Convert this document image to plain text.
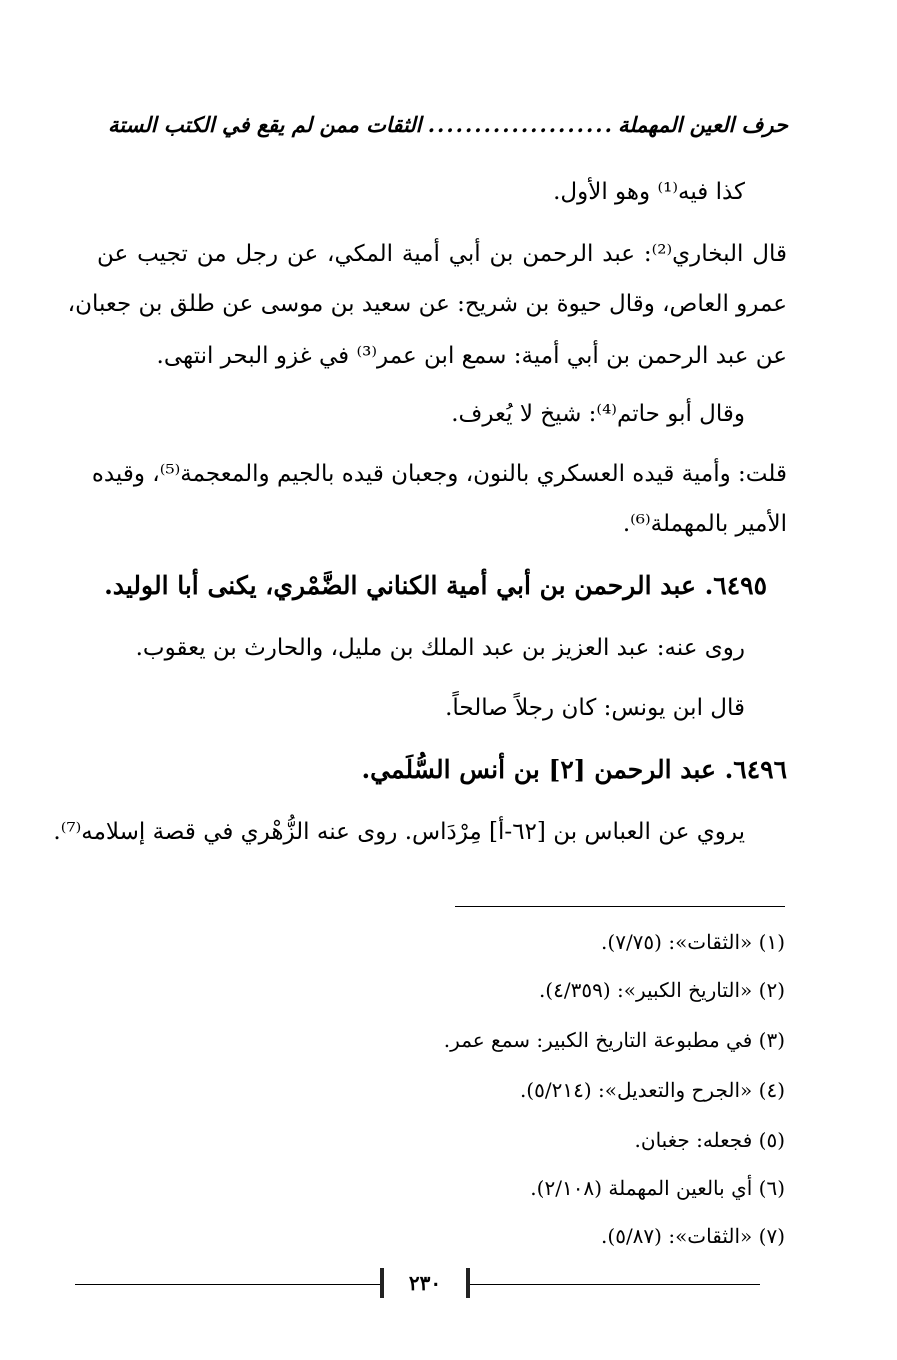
حرف العين المهملة
.....
الثقات ممن لم يقع في الكتب الستة
كذا فيه⁽¹⁾ وهو الأول.
قال البخاري⁽²⁾: عبد الرحمن بن أبي أمية المكي، عن رجل من تجيب عن
عمرو العاص، وقال حيوة بن شريح: عن سعيد بن موسى عن طلق بن جعبان،
عن عبد الرحمن بن أبي أمية: سمع ابن عمر⁽³⁾ في غزو البحر انتهى.
وقال أبو حاتم⁽⁴⁾: شيخ لا يُعرف.
قلت: وأمية قيده العسكري بالنون، وجعبان قيده بالجيم والمعجمة⁽⁵⁾، وقيده
الأمير بالمهملة⁽⁶⁾.
٦٤٩٥. عبد الرحمن بن أبي أمية الكناني الضَّمْري، يكنى أبا الوليد.
روى عنه: عبد العزيز بن عبد الملك بن مليل، والحارث بن يعقوب.
قال ابن يونس: كان رجلاً صالحاً.
٦٤٩٦. عبد الرحمن [٢] بن أنس السُّلَمي.
يروي عن العباس بن [٦٢-أ] مِرْدَاس. روى عنه الزُّهْري في قصة إسلامه⁽⁷⁾.
(١) «الثقات»: (٧/٧٥).
(٢) «التاريخ الكبير»: (٤/٣٥٩).
(٣) في مطبوعة التاريخ الكبير: سمع عمر.
(٤) «الجرح والتعديل»: (٥/٢١٤).
(٥) فجعله: جغبان.
(٦) أي بالعين المهملة (٢/١٠٨).
(٧) «الثقات»: (٥/٨٧).
٢٣٠
